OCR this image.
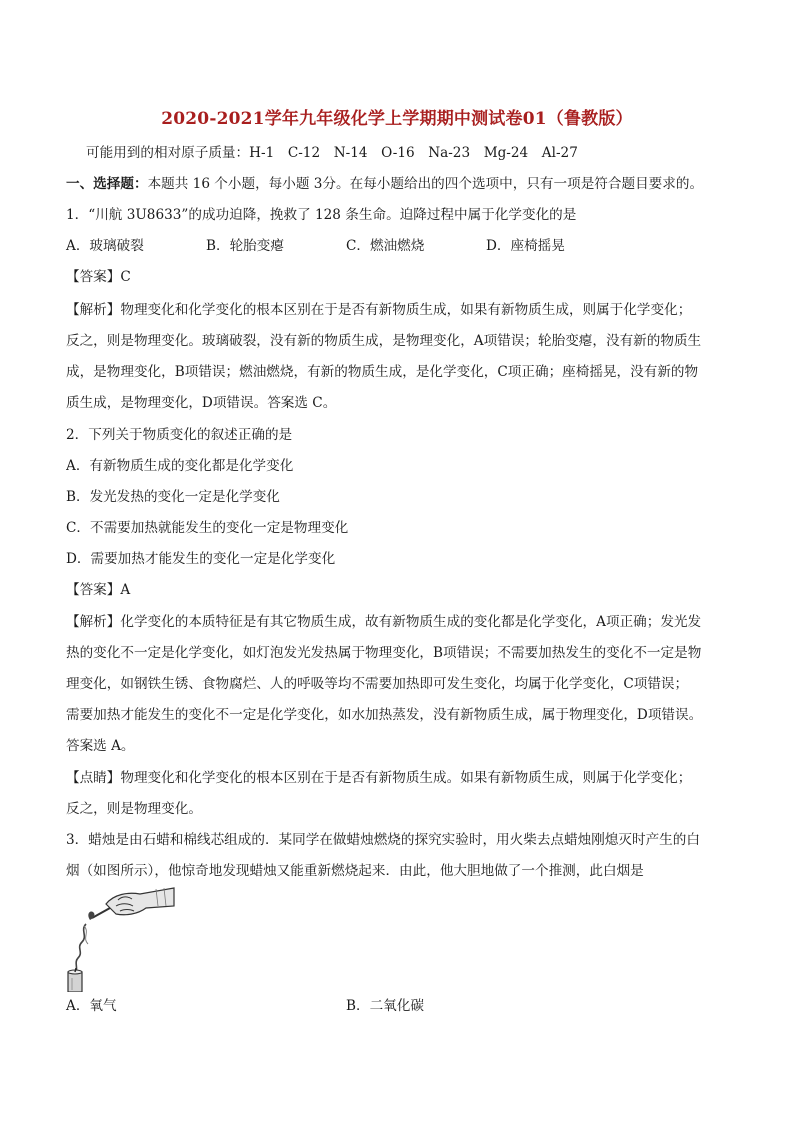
2020-2021学年九年级化学上学期期中测试卷01（鲁教版）
可能用到的相对原子质量：H-1　C-12　N-14　O-16　Na-23　Mg-24　Al-27
一、选择题：本题共 16 个小题，每小题 3分。在每小题给出的四个选项中，只有一项是符合题目要求的。
1．“川航 3U8633”的成功迫降，挽救了 128 条生命。迫降过程中属于化学变化的是
A．玻璃破裂	B．轮胎变瘪	C．燃油燃烧	D．座椅摇晃
【答案】C
【解析】物理变化和化学变化的根本区别在于是否有新物质生成，如果有新物质生成，则属于化学变化；
反之，则是物理变化。玻璃破裂，没有新的物质生成，是物理变化，A项错误；轮胎变瘪，没有新的物质生
成，是物理变化，B项错误；燃油燃烧，有新的物质生成，是化学变化，C项正确；座椅摇晃，没有新的物
质生成，是物理变化，D项错误。答案选 C。
2．下列关于物质变化的叙述正确的是
A．有新物质生成的变化都是化学变化
B．发光发热的变化一定是化学变化
C．不需要加热就能发生的变化一定是物理变化
D．需要加热才能发生的变化一定是化学变化
【答案】A
【解析】化学变化的本质特征是有其它物质生成，故有新物质生成的变化都是化学变化，A项正确；发光发
热的变化不一定是化学变化，如灯泡发光发热属于物理变化，B项错误；不需要加热发生的变化不一定是物
理变化，如钢铁生锈、食物腐烂、人的呼吸等均不需要加热即可发生变化，均属于化学变化，C项错误；
需要加热才能发生的变化不一定是化学变化，如水加热蒸发，没有新物质生成，属于物理变化，D项错误。
答案选 A。
【点睛】物理变化和化学变化的根本区别在于是否有新物质生成。如果有新物质生成，则属于化学变化；
反之，则是物理变化。
3．蜡烛是由石蜡和棉线芯组成的．某同学在做蜡烛燃烧的探究实验时，用火柴去点蜡烛刚熄灭时产生的白
烟（如图所示），他惊奇地发现蜡烛又能重新燃烧起来．由此，他大胆地做了一个推测，此白烟是
A．氧气	B．二氧化碳
